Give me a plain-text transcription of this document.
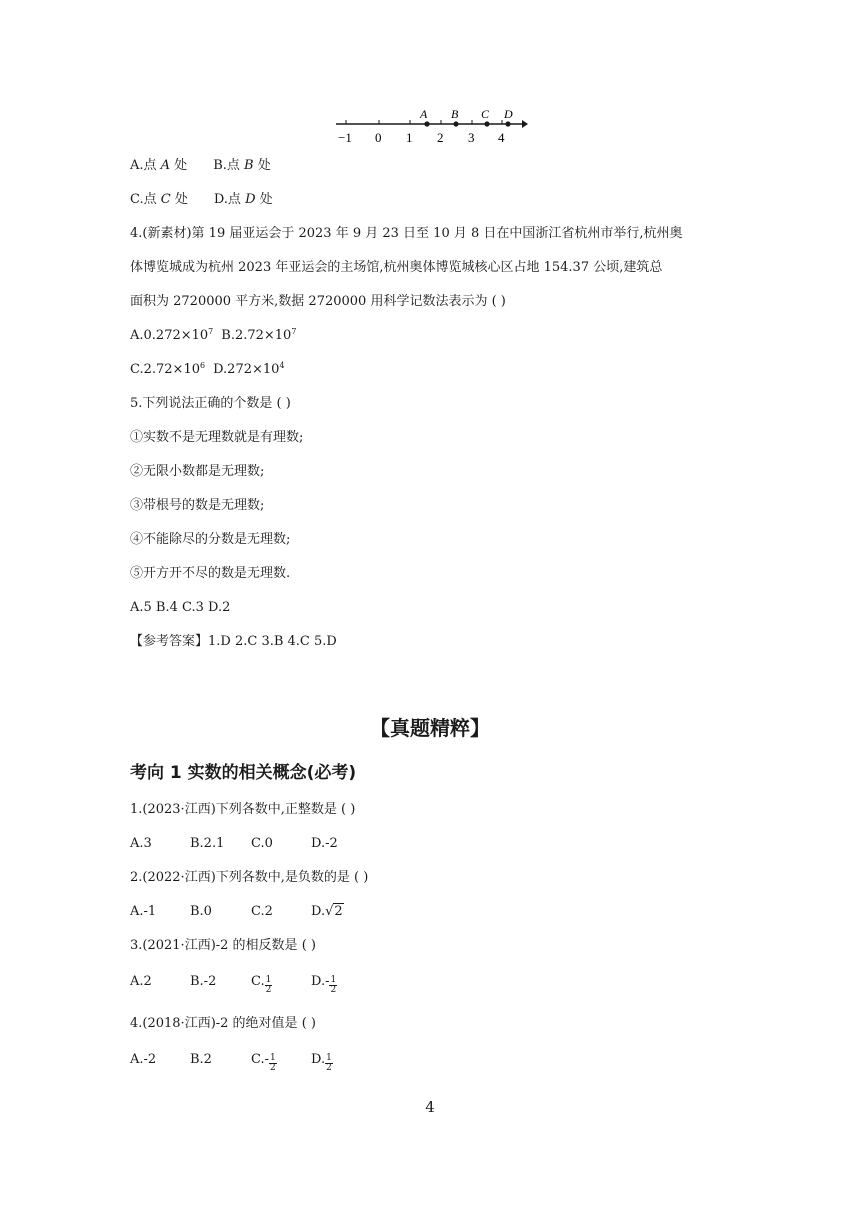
A B C D
−1 0 1 2 3 4
A.点 A 处 B.点 B 处
C.点 C 处 D.点 D 处
4.(新素材)第 19 届亚运会于 2023 年 9 月 23 日至 10 月 8 日在中国浙江省杭州市举行,杭州奥
体博览城成为杭州 2023 年亚运会的主场馆,杭州奥体博览城核心区占地 154.37 公顷,建筑总
面积为 2720000 平方米,数据 2720000 用科学记数法表示为 ( )
$A.0.272\times 10^7$ $B.2.72\times 10^7$
$C.2.72\times 10^6$ $D.272\times 10^4$
5.下列说法正确的个数是 ( )
①实数不是无理数就是有理数;
②无限小数都是无理数;
③带根号的数是无理数;
④不能除尽的分数是无理数;
⑤开方开不尽的数是无理数.
A.5 B.4 C.3 D.2
【参考答案】1.D 2.C 3.B 4.C 5.D
【真题精粹】
考向 1 实数的相关概念(必考)
1.(2023·江西)下列各数中,正整数是 ( )
A.3	B.2.1 C.0	D.-2
2.(2022·江西)下列各数中,是负数的是 ( )
A.-1	B.0	C.2	D.√2
3.(2021·江西)-2 的相反数是 ( )
A.2	B.-2	C. $\frac{1}{2}$	$D.- \frac{1}{2}$
4.(2018·江西)-2 的绝对值是 ( )
A.-2	B.2	$C.- \frac{1}{2}$	D. $\frac{1}{2}$
4
